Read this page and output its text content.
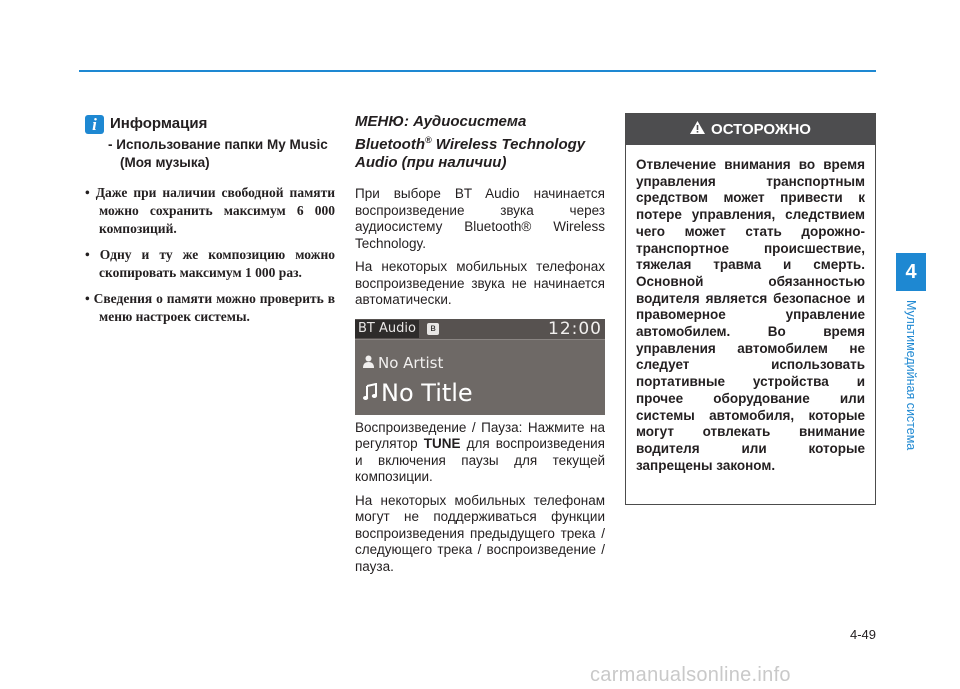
i Информация
- Использование папки My Music (Моя музыка)
• Даже при наличии свободной памяти можно сохранить максимум 6 000 композиций.
• Одну и ту же композицию можно скопировать максимум 1 000 раз.
• Сведения о памяти можно проверить в меню настроек системы.

МЕНЮ: Аудиосистема
Bluetooth® Wireless Technology Audio (при наличии)

При выборе BT Audio начинается воспроизведение звука через аудиосистему Bluetooth® Wireless Technology.

На некоторых мобильных телефонах воспроизведение звука не начинается автоматически.

BT Audio	ʙ	12:00
No Artist
No Title

Воспроизведение / Пауза: Нажмите на регулятор TUNE для воспроизведения и включения паузы для текущей композиции.

На некоторых мобильных телефонам могут не поддерживаться функции воспроизведения предыдущего трека / следующего трека / воспроизведение / пауза.

ОСТОРОЖНО
Отвлечение внимания во время управления транспортным средством может привести к потере управления, следствием чего может стать дорожно-транспортное происшествие, тяжелая травма и смерть. Основной обязанностью водителя является безопасное и правомерное управление автомобилем. Во время управления автомобилем не следует использовать портативные устройства и прочее оборудование или системы автомобиля, которые могут отвлекать внимание водителя или которые запрещены законом.
4
Мультимедийная система
4-49
carmanualsonline.info
